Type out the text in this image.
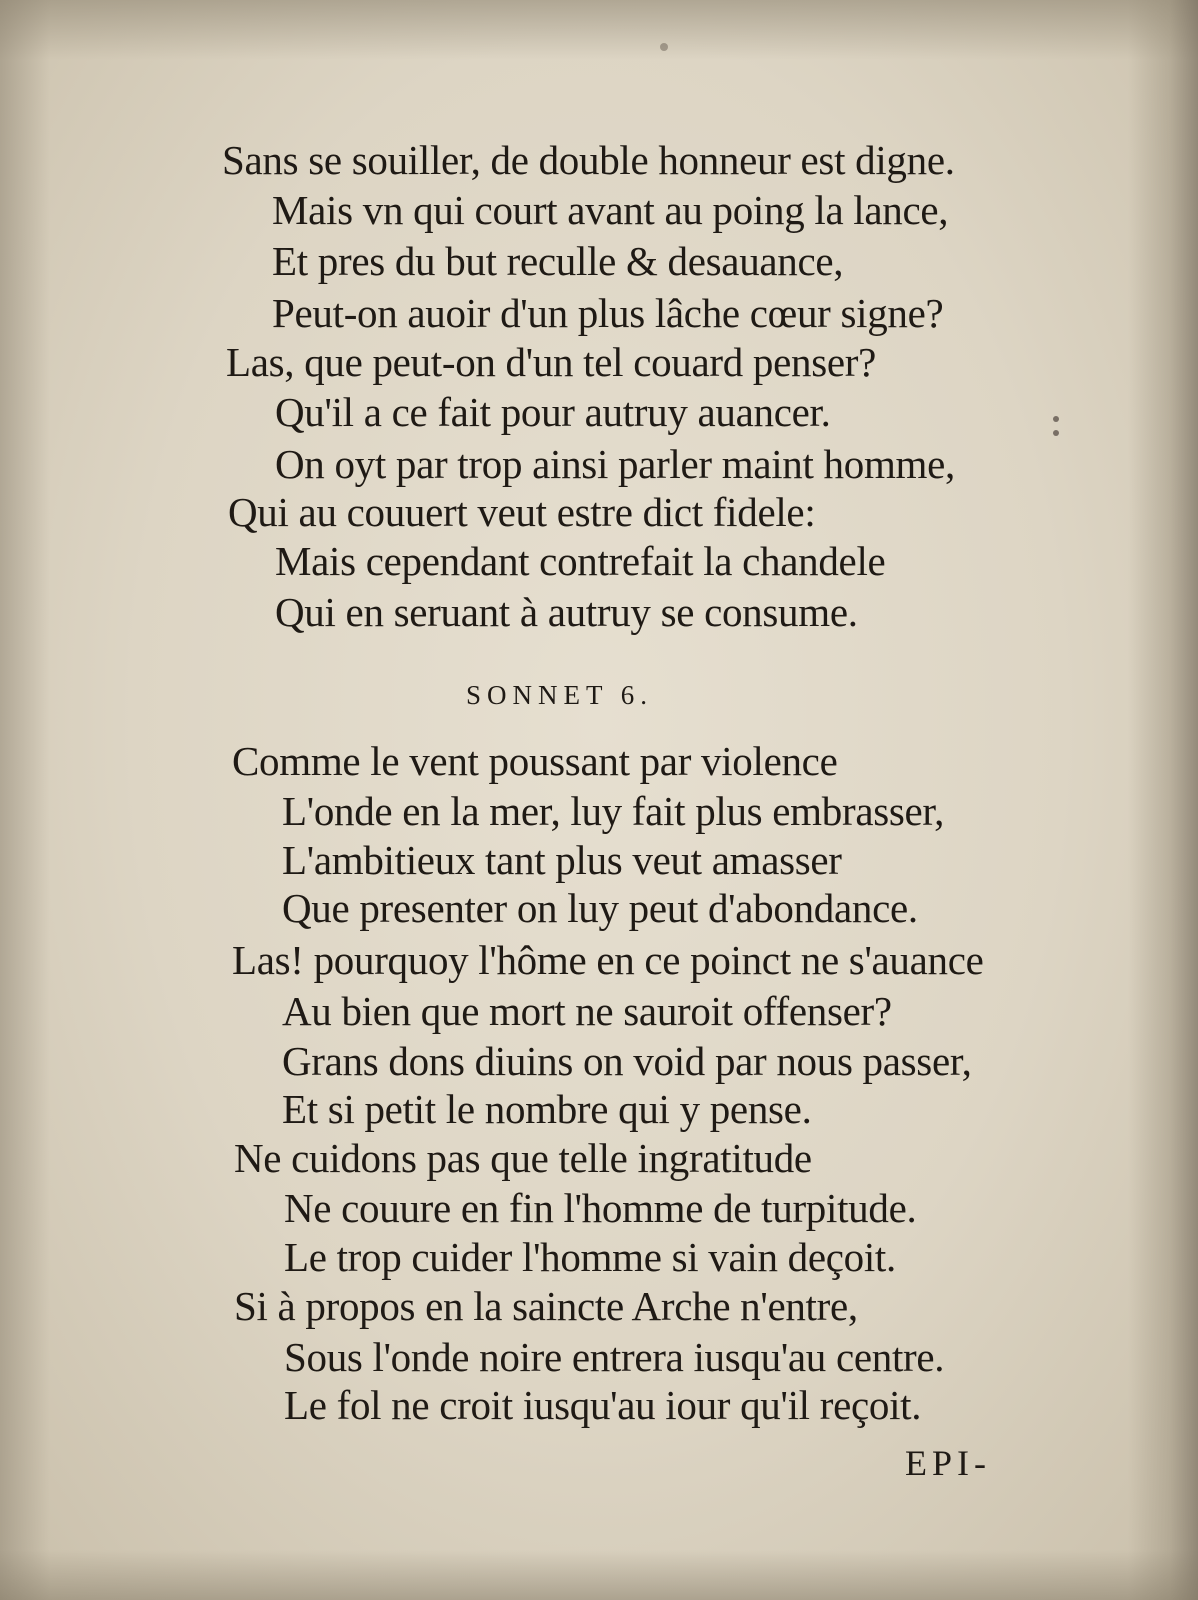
Sans se souiller, de double honneur est digne.
Mais vn qui court avant au poing la lance,
Et pres du but reculle & desauance,
Peut-on auoir d'un plus lâche cœur signe?
Las, que peut-on d'un tel couard penser?
Qu'il a ce fait pour autruy auancer.
On oyt par trop ainsi parler maint homme,
Qui au couuert veut estre dict fidele:
Mais cependant contrefait la chandele
Qui en seruant à autruy se consume.
SONNET 6.
Comme le vent poussant par violence
L'onde en la mer, luy fait plus embrasser,
L'ambitieux tant plus veut amasser
Que presenter on luy peut d'abondance.
Las! pourquoy l'hôme en ce poinct ne s'auance
Au bien que mort ne sauroit offenser?
Grans dons diuins on void par nous passer,
Et si petit le nombre qui y pense.
Ne cuidons pas que telle ingratitude
Ne couure en fin l'homme de turpitude.
Le trop cuider l'homme si vain deçoit.
Si à propos en la saincte Arche n'entre,
Sous l'onde noire entrera iusqu'au centre.
Le fol ne croit iusqu'au iour qu'il reçoit.
EPI-
